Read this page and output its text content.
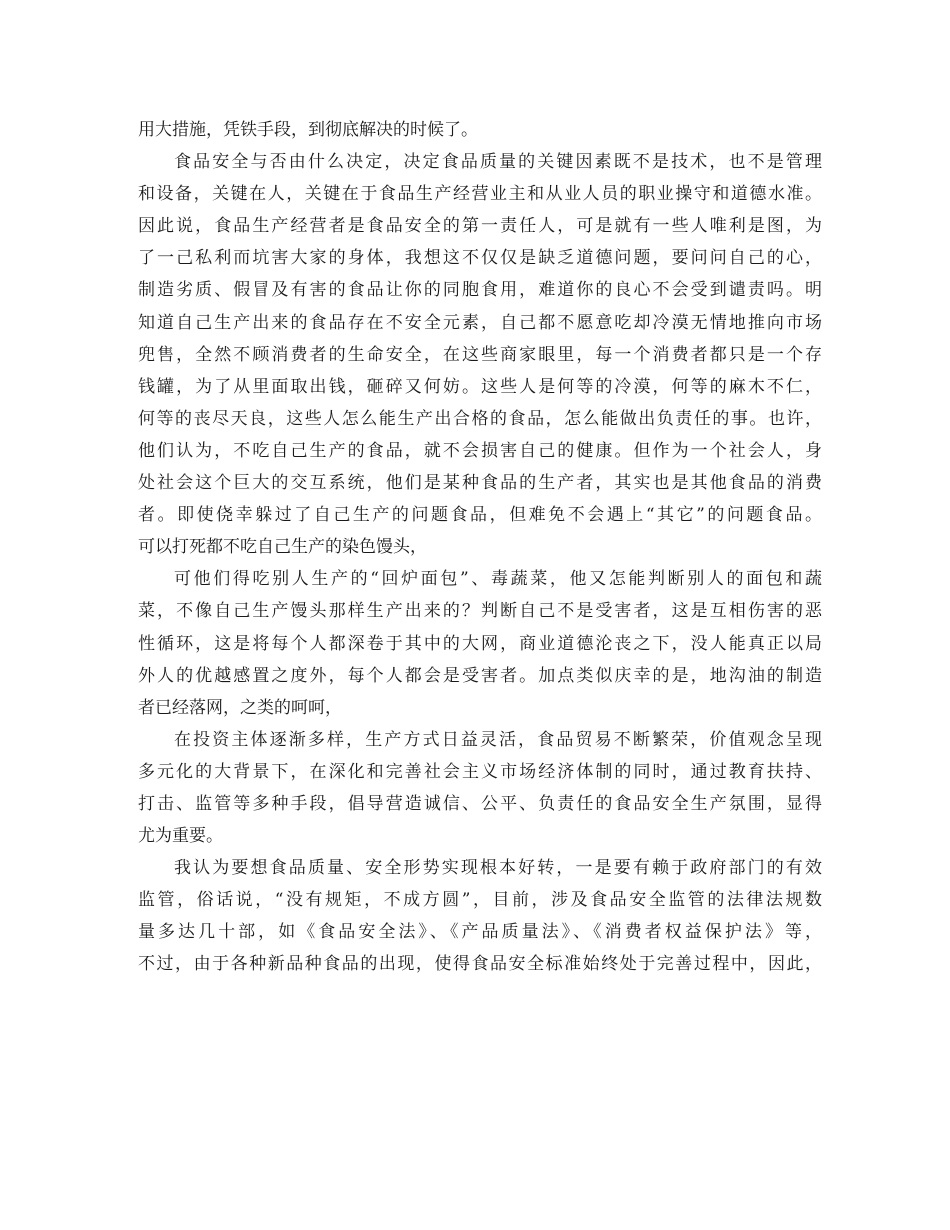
用大措施，凭铁手段，到彻底解决的时候了。
食品安全与否由什么决定，决定食品质量的关键因素既不是技术，也不是管理
和设备，关键在人，关键在于食品生产经营业主和从业人员的职业操守和道德水准。
因此说，食品生产经营者是食品安全的第一责任人，可是就有一些人唯利是图，为
了一己私利而坑害大家的身体，我想这不仅仅是缺乏道德问题，要问问自己的心，
制造劣质、假冒及有害的食品让你的同胞食用，难道你的良心不会受到谴责吗。明
知道自己生产出来的食品存在不安全元素，自己都不愿意吃却冷漠无情地推向市场
兜售，全然不顾消费者的生命安全，在这些商家眼里，每一个消费者都只是一个存
钱罐，为了从里面取出钱，砸碎又何妨。这些人是何等的冷漠，何等的麻木不仁，
何等的丧尽天良，这些人怎么能生产出合格的食品，怎么能做出负责任的事。也许，
他们认为，不吃自己生产的食品，就不会损害自己的健康。但作为一个社会人，身
处社会这个巨大的交互系统，他们是某种食品的生产者，其实也是其他食品的消费
者。即使侥幸躲过了自己生产的问题食品，但难免不会遇上“其它”的问题食品。
可以打死都不吃自己生产的染色馒头，
可他们得吃别人生产的“回炉面包”、毒蔬菜，他又怎能判断别人的面包和蔬
菜，不像自己生产馒头那样生产出来的？判断自己不是受害者，这是互相伤害的恶
性循环，这是将每个人都深卷于其中的大网，商业道德沦丧之下，没人能真正以局
外人的优越感置之度外，每个人都会是受害者。加点类似庆幸的是，地沟油的制造
者已经落网，之类的呵呵，
在投资主体逐渐多样，生产方式日益灵活，食品贸易不断繁荣，价值观念呈现
多元化的大背景下，在深化和完善社会主义市场经济体制的同时，通过教育扶持、
打击、监管等多种手段，倡导营造诚信、公平、负责任的食品安全生产氛围，显得
尤为重要。
我认为要想食品质量、安全形势实现根本好转，一是要有赖于政府部门的有效
监管，俗话说，“没有规矩，不成方圆”，目前，涉及食品安全监管的法律法规数
量多达几十部，如《食品安全法》、《产品质量法》、《消费者权益保护法》等，
不过，由于各种新品种食品的出现，使得食品安全标准始终处于完善过程中，因此，
